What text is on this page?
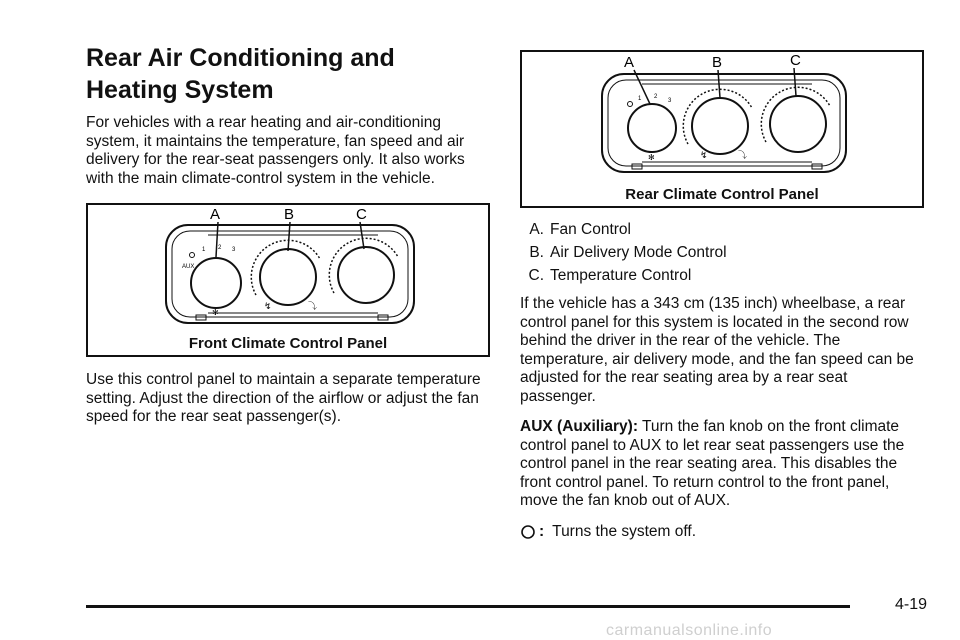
Rear Air Conditioning and Heating System

For vehicles with a rear heating and air-conditioning system, it maintains the temperature, fan speed and air delivery for the rear-seat passengers only. It also works with the main climate-control system in the vehicle.

AUX
1 2 3
✻
↯	⤵
A	B	C
Front Climate Control Panel

Use this control panel to maintain a separate temperature setting. Adjust the direction of the airflow or adjust the fan speed for the rear seat passenger(s).

1 2
3
✻	↯	⤵
A	B	C
Rear Climate Control Panel
A. Fan Control
B. Air Delivery Mode Control
C. Temperature Control

If the vehicle has a 343 cm (135 inch) wheelbase, a rear control panel for this system is located in the second row behind the driver in the rear of the vehicle. The temperature, air delivery mode, and the fan speed can be adjusted for the rear seating area by a rear seat passenger.

AUX (Auxiliary): Turn the fan knob on the front climate control panel to AUX to let rear seat passengers use the control panel in the rear seating area. This disables the front control panel. To return control to the front panel, move the fan knob out of AUX.

: Turns the system off.
4-19
carmanualsonline.info
